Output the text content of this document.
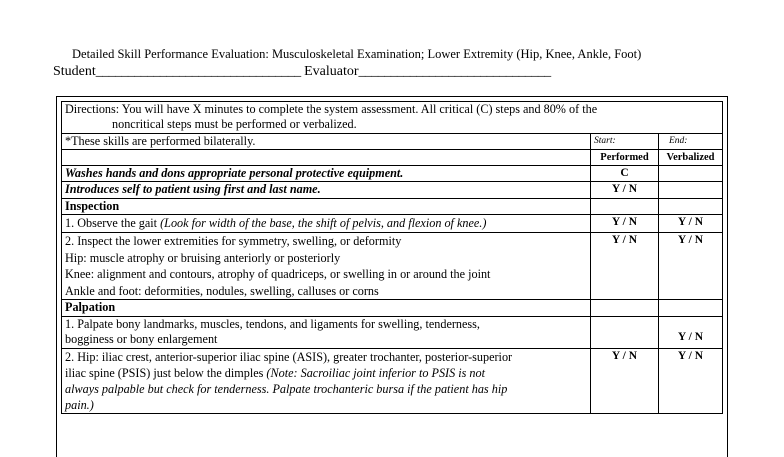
Detailed Skill Performance Evaluation: Musculoskeletal Examination; Lower Extremity (Hip, Knee, Ankle, Foot)
Student________________________________ Evaluator______________________________
Directions: You will have X minutes to complete the system assessment. All critical (C) steps and 80% of the
noncritical steps must be performed or verbalized.		

*These skills are performed bilaterally.	Start:	End:
	Performed	Verbalized
Washes hands and dons appropriate personal protective equipment.	C	
Introduces self to patient using first and last name.	Y / N	
Inspection		
1. Observe the gait (Look for width of the base, the shift of pelvis, and flexion of knee.)	Y / N	Y / N

2. Inspect the lower extremities for symmetry, swelling, or deformity
Hip: muscle atrophy or bruising anteriorly or posteriorly
Knee: alignment and contours, atrophy of quadriceps, or swelling in or around the joint
Ankle and foot: deformities, nodules, swelling, calluses or corns	Y / N	Y / N
Palpation		

1. Palpate bony landmarks, muscles, tendons, and ligaments for swelling, tenderness,
bogginess or bony enlargement		Y / N

2. Hip: iliac crest, anterior-superior iliac spine (ASIS), greater trochanter, posterior-superior
iliac spine (PSIS) just below the dimples (Note: Sacroiliac joint inferior to PSIS is not
always palpable but check for tenderness. Palpate trochanteric bursa if the patient has hip
pain.)	Y / N	Y / N
